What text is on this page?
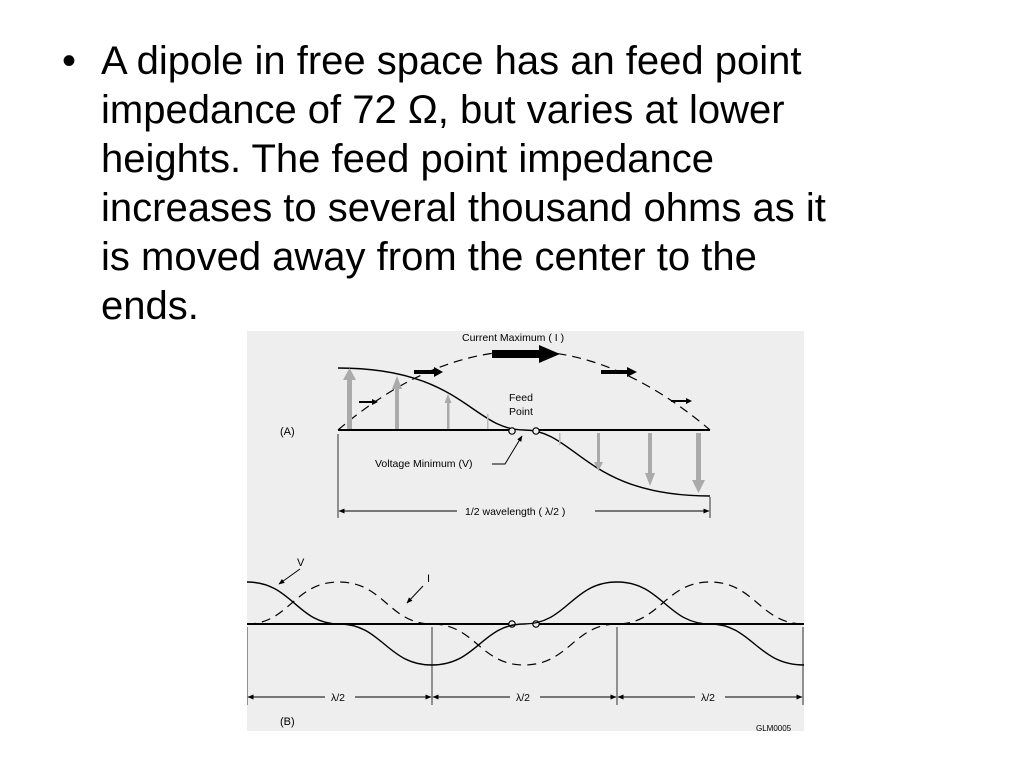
• A dipole in free space has an feed point
impedance of 72 Ω, but varies at lower
heights. The feed point impedance
increases to several thousand ohms as it
is moved away from the center to the
ends.
Current Maximum ( I )
Feed
Point
(A)
Voltage Minimum (V)
1/2 wavelength ( λ/2 )
V
I
λ/2	λ/2	λ/2
(B)
GLM0005
